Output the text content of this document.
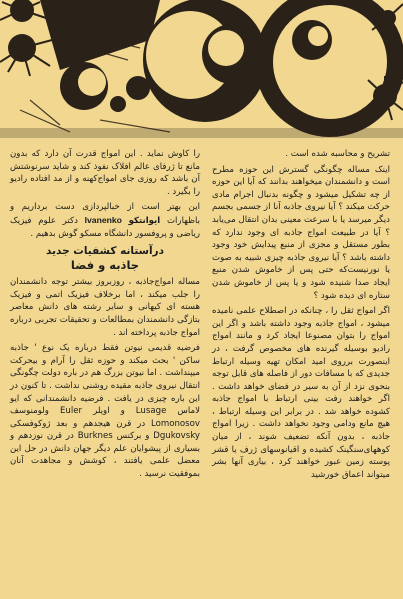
تشریح و محاسبه شده است .

اینک مساله چگونگی گسترش این حوزه مطرح است و دانشمندان میخواهند بدانند که آیا این حوزه از چه تشکیل میشود و چگونه بدنبال اجرام مادی حرکت میکند ؟ آیا نیروی جاذبه آنا از جسمی بجسم دیگر میرسد یا با سرعت معینی بدان انتقال می‌یابد ؟ آیا در طبیعت امواج جاذبه ای وجود ندارد که بطور مستقل و مجزی از منبع پیدایش خود وجود داشته باشد ؟ آیا نیروی جاذبه چیزی شبیه به صوت یا نورنیست‌که حتی پس از خاموش شدن منبع ایجاد صدا شنیده شود و یا پس از خاموش شدن ستاره ای دیده شود ؟

اگر امواج ثقل را ، چنانکه در اصطلاح علمی نامیده میشود ، امواج جاذبه وجود داشته باشد و اگر این امواج را بتوان مصنوعا ایجاد کرد و مانند امواج رادیو بوسیله گیرنده های مخصوص گرفت ، در اینصورت برروی امید امکان تهیه وسیله ارتباط جدیدی که با مسافات دور از فاصله های قابل توجه بنحوی نزد از آن به سیر در فضای خواهد داشت . اگر خواهند رفت بینی ارتباط با امواج جاذبه کشوده خواهد شد . در برابر این وسیله ارتباط ، هیچ مانع ودامی وجود نخواهد داشت . زیرا امواج جاذبه ، بدون آنکه تضعیف شوند ، از میان کوههای‌سنگینک کشیده و اقیانوسهای ژرف یا قشر پوسته زمین عبور خواهند کرد ، بیاری آنها بشر میتواند اعماق خورشید

را کاوش نماید . این امواج قدرت آن دارد که بدون مانع تا ژرفای عالم افلاک نفوذ کند و شاید سرنوشتش آن باشد که روزی جای امواج‌کهنه و از مد افتاده رادیو را بگیرد .

این بهتر است از خبالپردازی دست برداریم و باظهارات ایوانتکو Ivanenko دکتر علوم فیزیک ریاضی و پروفسور دانشگاه مسکو گوش بدهیم .

درآستانه کشفیات جدید
جاذبه و فضا

مساله امواج‌جاذبه ، روزبروز بیشتر توجه دانشمندان را جلب میکند ، اما برخلاف فیزیک اتمی و فیزیک هسته ای کیهانی و سایر رشته های دانش معاصر بتازگی دانشمندان بمطالعات و تحقیقات تجربی درباره امواج جاذبه پرداخته اند .

فرضیه قدیمی نیوتن فقط درباره یک نوع ' جاذبه ساکن ' بحث میکند و حوزه ثقل را آرام و بیحرکت میپنداشت . اما نیوتن بزرگ هم در باره دولت چگونگی انتقال نیروی جاذبه مقیده روشنی نداشت . تا کنون در این باره چیزی در یافت . فرضیه دانشمندانی که ایو لاماس Lusage و اویلر Euler ولومنوسف Lomonosov در قرن هیجدهم و بعد ژوکوفسکی Dgukovsky و برکنس Burknes در قرن نوزدهم و بسیاری از پیشوایان علم دیگر جهان دانش در حل این معضل علمی یافتند ، کوشش و مجاهدت آنان بموفقیت نرسید .
